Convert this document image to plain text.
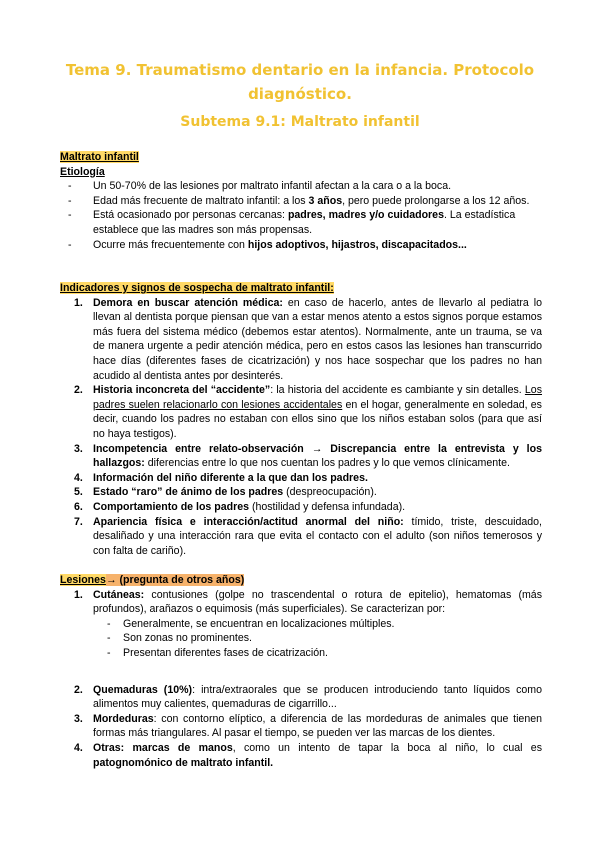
Tema 9. Traumatismo dentario en la infancia. Protocolo
diagnóstico.
Subtema 9.1: Maltrato infantil
Maltrato infantil
Etiología
- Un 50-70% de las lesiones por maltrato infantil afectan a la cara o a la boca.
- Edad más frecuente de maltrato infantil: a los 3 años, pero puede prolongarse a los 12 años.
- Está ocasionado por personas cercanas: padres, madres y/o cuidadores. La estadística establece que las madres son más propensas.
- Ocurre más frecuentemente con hijos adoptivos, hijastros, discapacitados...
Indicadores y signos de sospecha de maltrato infantil:
1. Demora en buscar atención médica: en caso de hacerlo, antes de llevarlo al pediatra lo llevan al dentista porque piensan que van a estar menos atento a estos signos porque estamos más fuera del sistema médico (debemos estar atentos). Normalmente, ante un trauma, se va de manera urgente a pedir atención médica, pero en estos casos las lesiones han transcurrido hace días (diferentes fases de cicatrización) y nos hace sospechar que los padres no han acudido al dentista antes por desinterés.
2. Historia inconcreta del “accidente”: la historia del accidente es cambiante y sin detalles. Los padres suelen relacionarlo con lesiones accidentales en el hogar, generalmente en soledad, es decir, cuando los padres no estaban con ellos sino que los niños estaban solos (para que así no haya testigos).
3. Incompetencia entre relato-observación → Discrepancia entre la entrevista y los hallazgos: diferencias entre lo que nos cuentan los padres y lo que vemos clínicamente.
4. Información del niño diferente a la que dan los padres.
5. Estado “raro” de ánimo de los padres (despreocupación).
6. Comportamiento de los padres (hostilidad y defensa infundada).
7. Apariencia física e interacción/actitud anormal del niño: tímido, triste, descuidado, desaliñado y una interacción rara que evita el contacto con el adulto (son niños temerosos y con falta de cariño).
Lesiones→ (pregunta de otros años)
1. Cutáneas: contusiones (golpe no trascendental o rotura de epitelio), hematomas (más profundos), arañazos o equimosis (más superficiales). Se caracterizan por:
- Generalmente, se encuentran en localizaciones múltiples.
- Son zonas no prominentes.
- Presentan diferentes fases de cicatrización.
2. Quemaduras (10%): intra/extraorales que se producen introduciendo tanto líquidos como alimentos muy calientes, quemaduras de cigarrillo...
3. Mordeduras: con contorno elíptico, a diferencia de las mordeduras de animales que tienen formas más triangulares. Al pasar el tiempo, se pueden ver las marcas de los dientes.
4. Otras: marcas de manos, como un intento de tapar la boca al niño, lo cual es patognomónico de maltrato infantil.
